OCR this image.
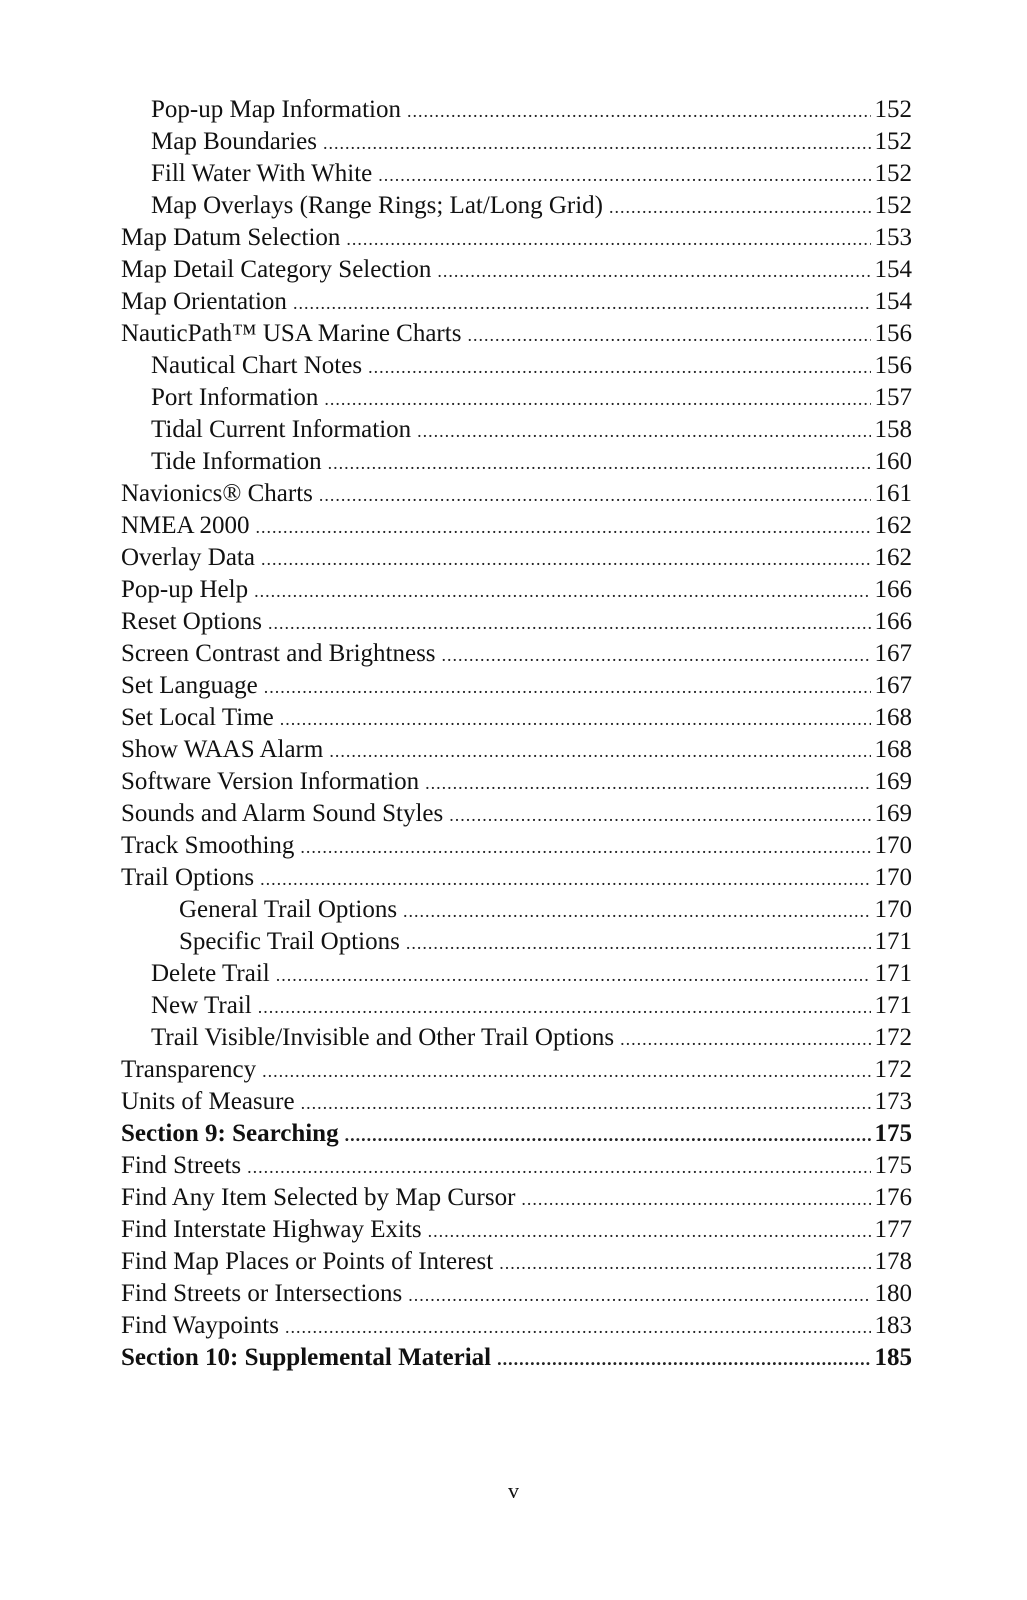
Pop-up Map Information .....	152
Map Boundaries .....	152
Fill Water With White .....	152
Map Overlays (Range Rings; Lat/Long Grid) .....	152
Map Datum Selection .....	153
Map Detail Category Selection .....	154
Map Orientation .....	154
NauticPath™ USA Marine Charts .....	156
Nautical Chart Notes .....	156
Port Information .....	157
Tidal Current Information .....	158
Tide Information .....	160
Navionics® Charts .....	161
NMEA 2000 .....	162
Overlay Data .....	162
Pop-up Help .....	166
Reset Options .....	166
Screen Contrast and Brightness .....	167
Set Language .....	167
Set Local Time .....	168
Show WAAS Alarm .....	168
Software Version Information .....	169
Sounds and Alarm Sound Styles .....	169
Track Smoothing .....	170
Trail Options .....	170
General Trail Options .....	170
Specific Trail Options .....	171
Delete Trail .....	171
New Trail .....	171
Trail Visible/Invisible and Other Trail Options .....	172
Transparency .....	172
Units of Measure .....	173
Section 9: Searching .....	175
Find Streets .....	175
Find Any Item Selected by Map Cursor .....	176
Find Interstate Highway Exits .....	177
Find Map Places or Points of Interest .....	178
Find Streets or Intersections .....	180
Find Waypoints .....	183
Section 10: Supplemental Material .....	185
v
